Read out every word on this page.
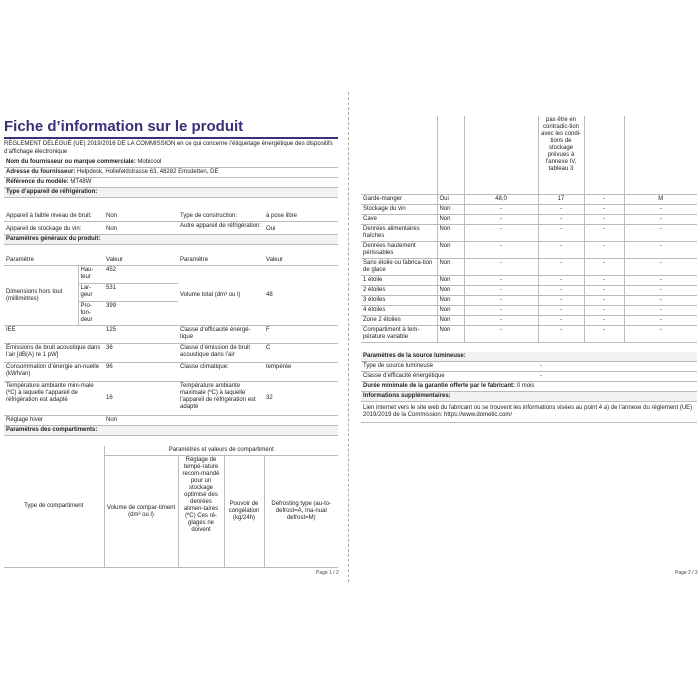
Fiche d’information sur le produit
RÈGLEMENT DÉLÉGUÉ (UE) 2019/2016 DE LA COMMISSION en ce qui concerne l’étiquetage énergétique des dispositifs d’affichage électronique
Nom du fournisseur ou marque commerciale: Mobicool
Adresse du fournisseur: Helpdesk, Hollefeldstrasse 63, 48282 Emsdetten, DE
Référence du modèle: MT48W
Type d’appareil de réfrigération:
Appareil à faible niveau de bruit:	Non	Type de construction:	à pose libre
Appareil de stockage du vin:	Non	Autre appareil de réfrigération:	Oui
Paramètres généraux du produit:			
Paramètre		Valeur	Paramètre	Valeur
Dimensions hors tout (millimètres)	Hau-teur	452	Volume total (dm³ ou l)	48
	Lar-geur	531		
	Pro-fon-deur	399		
IEE		125	Classe d’efficacité énergé-tique	F
Émissions de bruit acoustique dans l’air [dB(A) re 1 pW]		36	Classe d’émission de bruit acoustique dans l’air	C
Consommation d’énergie an-nuelle (kWh/an)		96	Classe climatique:	tempérée
Température ambiante mini-male (ºC) à laquelle l’appareil de réfrigération est adapté		16	Température ambiante maximale (ºC) à laquelle l’appareil de réfrigération est adapté	32
Réglage hiver		Non		
Paramètres des compartiments:				
Type de compartiment	Paramètres et valeurs de compartiment			
	Volume de compar-timent (dm³ ou l)	Réglage de tempé-rature recom-mandé pour un stockage optimisé des denrées alimen-taires (ºC) Ces ré-glages ne doivent	Pouvoir de congélation (kg/24h)	Defrosting type (au-to-defrost=A, ma-nual defrost=M)
Page 1 / 2
			pas être en contradic-tion avec les condi-tions de stockage prévues à l’annexe IV, tableau 3		
Garde-manger	Oui	48,0	17	-	M
Stockage du vin	Non	-	-	-	-
Cave	Non	-	-	-	-
Denrées alimentaires fraîches	Non	-	-	-	-
Denrées hautement périssables	Non	-	-	-	-
Sans étoile ou fabrica-tion de glace	Non	-	-	-	-
1 étoile	Non	-	-	-	-
2 étoiles	Non	-	-	-	-
3 étoiles	Non	-	-	-	-
4 étoiles	Non	-	-	-	-
Zone 2 étoiles	Non	-	-	-	-
Compartiment à tem-pérature variable	Non	-	-	-	-
Paramètres de la source lumineuse:	
Type de source lumineuse	-
Classe d’efficacité énergétique	-
Durée minimale de la garantie offerte par le fabricant: 0 mois	
Informations supplémentaires:	
Lien internet vers le site web du fabricant où se trouvent les informations visées au point 4 a) de l’annexe du règlement (UE) 2019/2019 de la Commission: https://www.dometic.com/	
Page 2 / 2
